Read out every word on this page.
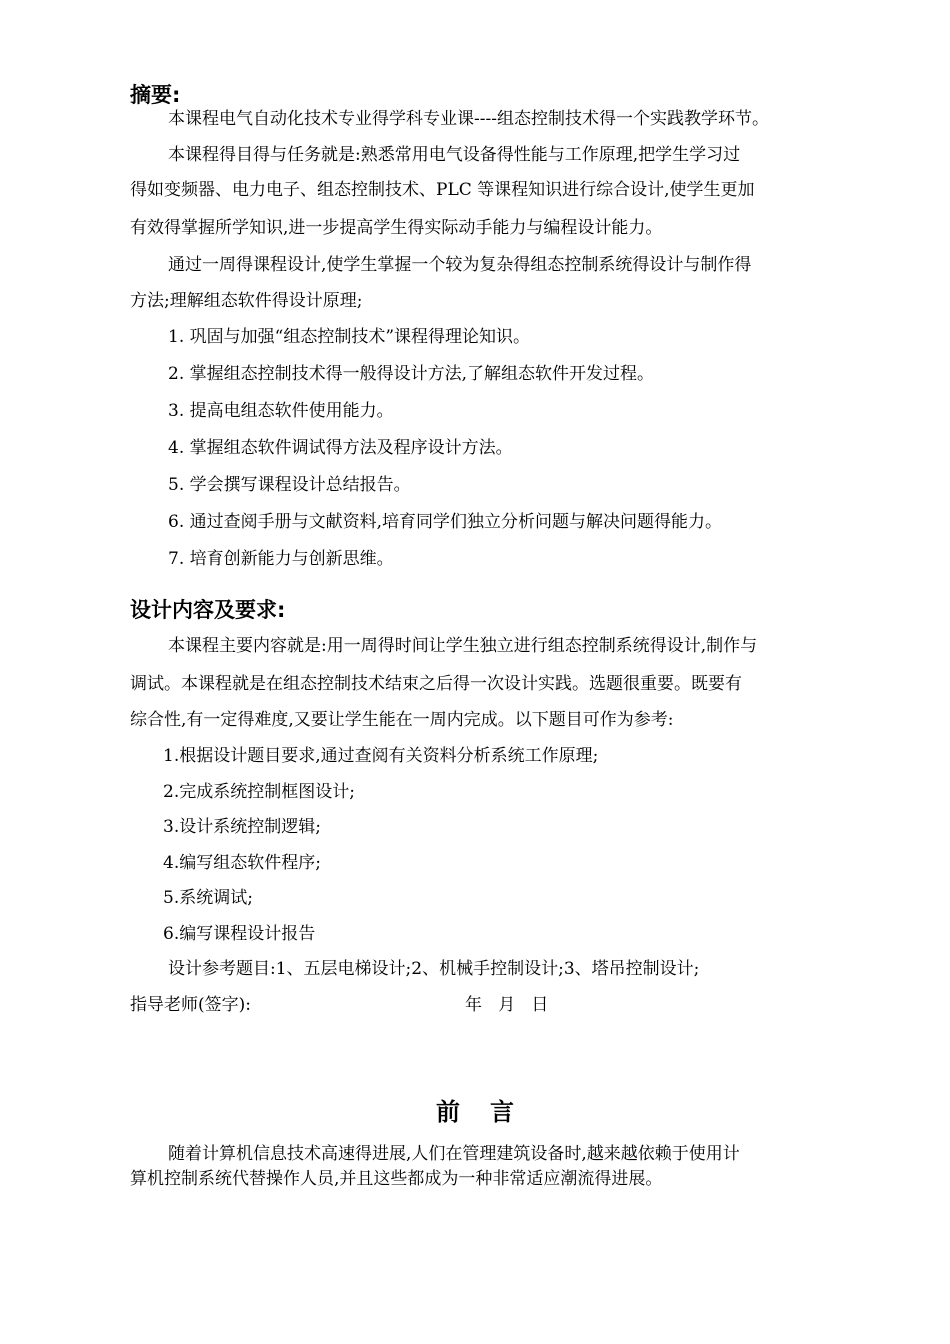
摘要:
本课程电气自动化技术专业得学科专业课----组态控制技术得一个实践教学环节。
本课程得目得与任务就是:熟悉常用电气设备得性能与工作原理,把学生学习过
得如变频器、电力电子、组态控制技术、PLC 等课程知识进行综合设计,使学生更加
有效得掌握所学知识,进一步提高学生得实际动手能力与编程设计能力。
通过一周得课程设计,使学生掌握一个较为复杂得组态控制系统得设计与制作得
方法;理解组态软件得设计原理;
1. 巩固与加强“组态控制技术”课程得理论知识。
2. 掌握组态控制技术得一般得设计方法,了解组态软件开发过程。
3. 提高电组态软件使用能力。
4. 掌握组态软件调试得方法及程序设计方法。
5. 学会撰写课程设计总结报告。
6. 通过查阅手册与文献资料,培育同学们独立分析问题与解决问题得能力。
7. 培育创新能力与创新思维。
设计内容及要求:
本课程主要内容就是:用一周得时间让学生独立进行组态控制系统得设计,制作与
调试。本课程就是在组态控制技术结束之后得一次设计实践。选题很重要。既要有
综合性,有一定得难度,又要让学生能在一周内完成。以下题目可作为参考:
1.根据设计题目要求,通过查阅有关资料分析系统工作原理;
2.完成系统控制框图设计;
3.设计系统控制逻辑;
4.编写组态软件程序;
5.系统调试;
6.编写课程设计报告
设计参考题目:1、五层电梯设计;2、机械手控制设计;3、塔吊控制设计;
指导老师(签字):	年   月   日
前言
随着计算机信息技术高速得进展,人们在管理建筑设备时,越来越依赖于使用计
算机控制系统代替操作人员,并且这些都成为一种非常适应潮流得进展。
